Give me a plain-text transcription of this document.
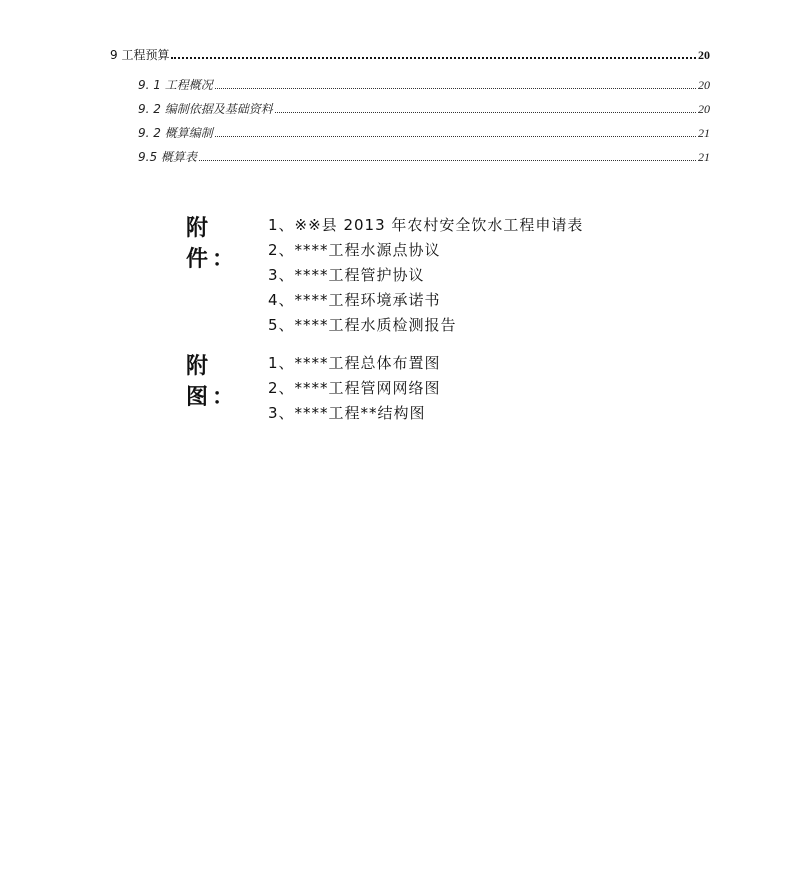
9 工程预算	20
9. 1 工程概况	20
9. 2 编制依据及基础资料	20
9. 2 概算编制	21
9.5 概算表	21
附件：
1、※※县 2013 年农村安全饮水工程申请表
2、****工程水源点协议
3、****工程管护协议
4、****工程环境承诺书
5、****工程水质检测报告
附图：
1、****工程总体布置图
2、****工程管网网络图
3、****工程**结构图
